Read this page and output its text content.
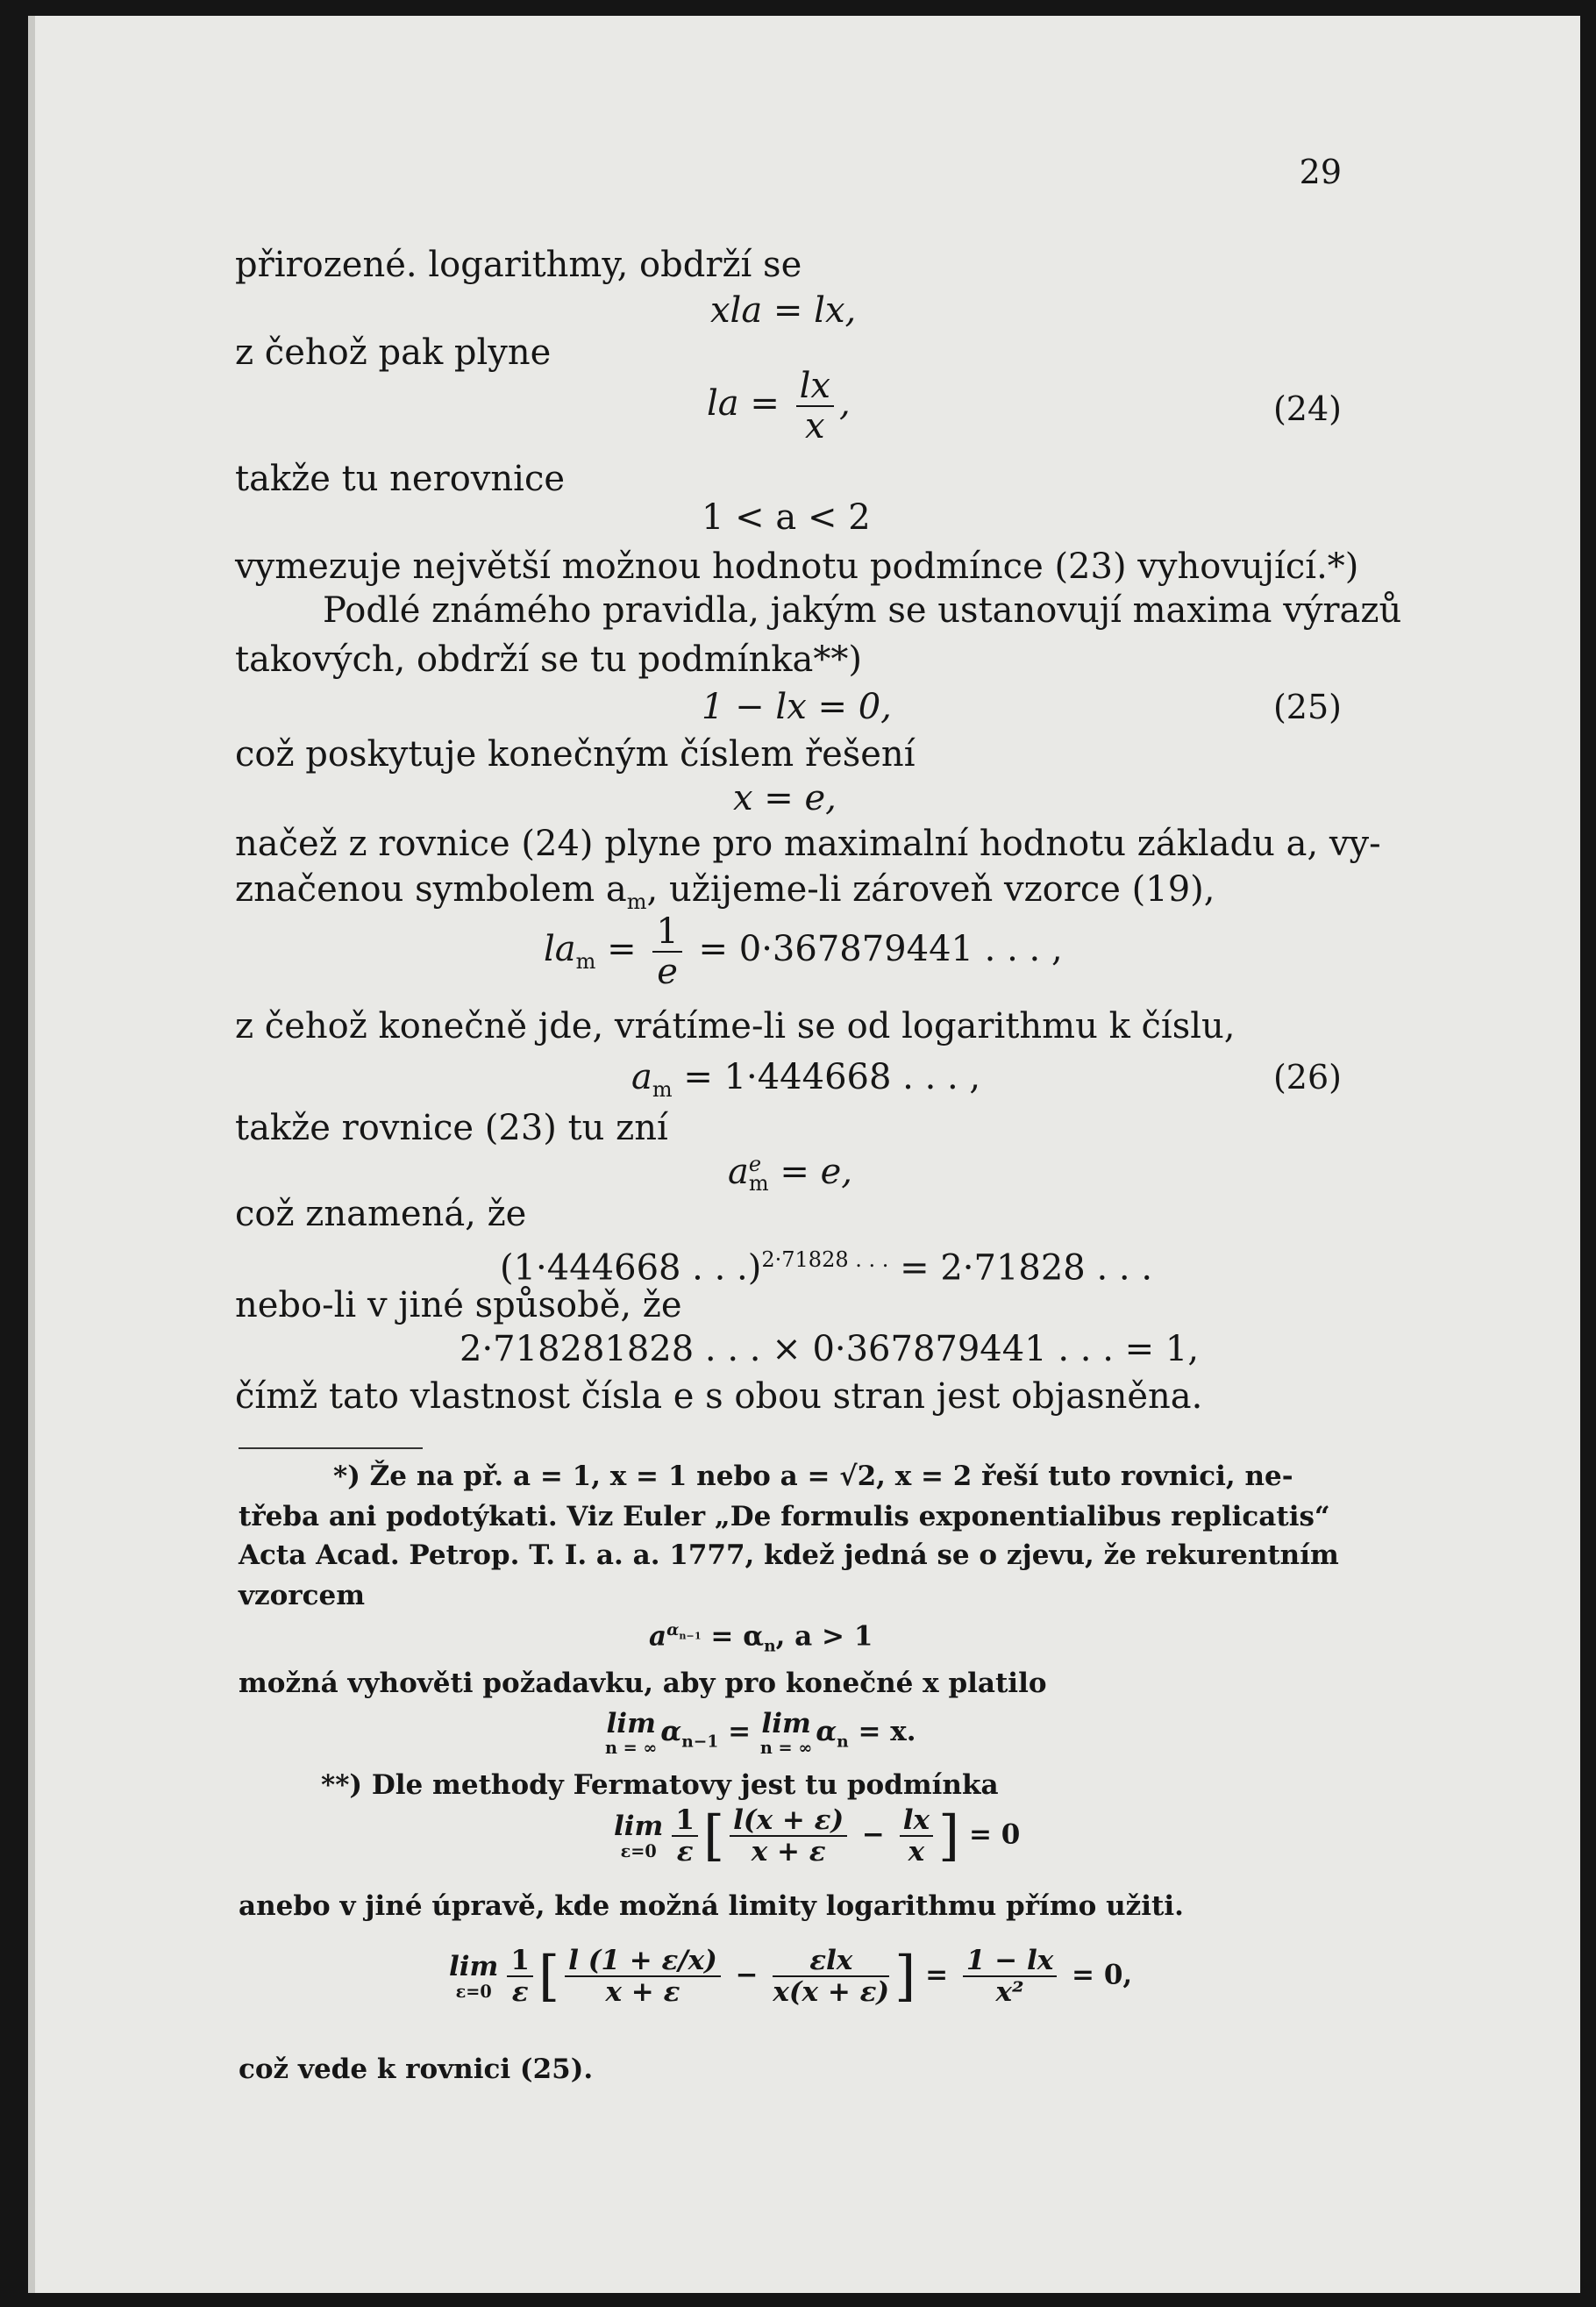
29
přirozené. logarithmy, obdrží se
xla = lx,
z čehož pak plyne
la = $\frac{lx}{x}$ ,	(24)
takže tu nerovnice
1 < a < 2
vymezuje největší možnou hodnotu podmínce (23) vyhovující.*)
Podlé známého pravidla, jakým se ustanovují maxima výrazů
takových, obdrží se tu podmínka**)
1 − lx = 0,	(25)
což poskytuje konečným číslem řešení
x = e,
načež z rovnice (24) plyne pro maximalní hodnotu základu a, vy-
značenou symbolem $a_m$, užijeme-li zároveň vzorce (19),
$la_m = \frac{1}{e} = 0\cdot 367879441$ . . . ,
z čehož konečně jde, vrátíme-li se od logarithmu k číslu,
$a_m = 1\cdot 444668$ . . . ,	(26)
takže rovnice (23) tu zní
a e
m = e,
což znamená, že
(1·444668 . . .)$^{2\cdot 71828 . . .}$ = 2·71828 . . .
nebo-li v jiné spůsobě, že
2·718281828 . . . × 0·367879441 . . . = 1,
čímž tato vlastnost čísla e s obou stran jest objasněna.
*) Že na př. a = 1, x = 1 nebo a = √2, x = 2 řeší tuto rovnici, ne-
třeba ani podotýkati. Viz Euler „De formulis exponentialibus replicatis“
Acta Acad. Petrop. T. I. a. a. 1777, kdež jedná se o zjevu, že rekurentním
vzorcem
$a^{\alpha_{n-1}} = \alpha_n$, a > 1
možná vyhověti požadavku, aby pro konečné x platilo
lim
n = ∞
$\alpha_{n-1} = \lim$
n = ∞
$\alpha_n = x$.
**) Dle methody Fermatovy jest tu podmínka
lim
$\varepsilon=0 \frac{1}{\varepsilon}$ [ $\frac{l(x + \varepsilon)}{x + \varepsilon} - \frac{lx}{x}$ ] = 0
anebo v jiné úpravě, kde možná limity logarithmu přímo užiti.
lim
$\varepsilon=0 \frac{1}{\varepsilon}$ [ $\frac{l (1 + \varepsilon/x)}{x + \varepsilon} - \frac{\text{εlx}}{x(x + \varepsilon)}$ ] = $\frac{1 - lx}{\text{x²}} = 0$,
což vede k rovnici (25).
